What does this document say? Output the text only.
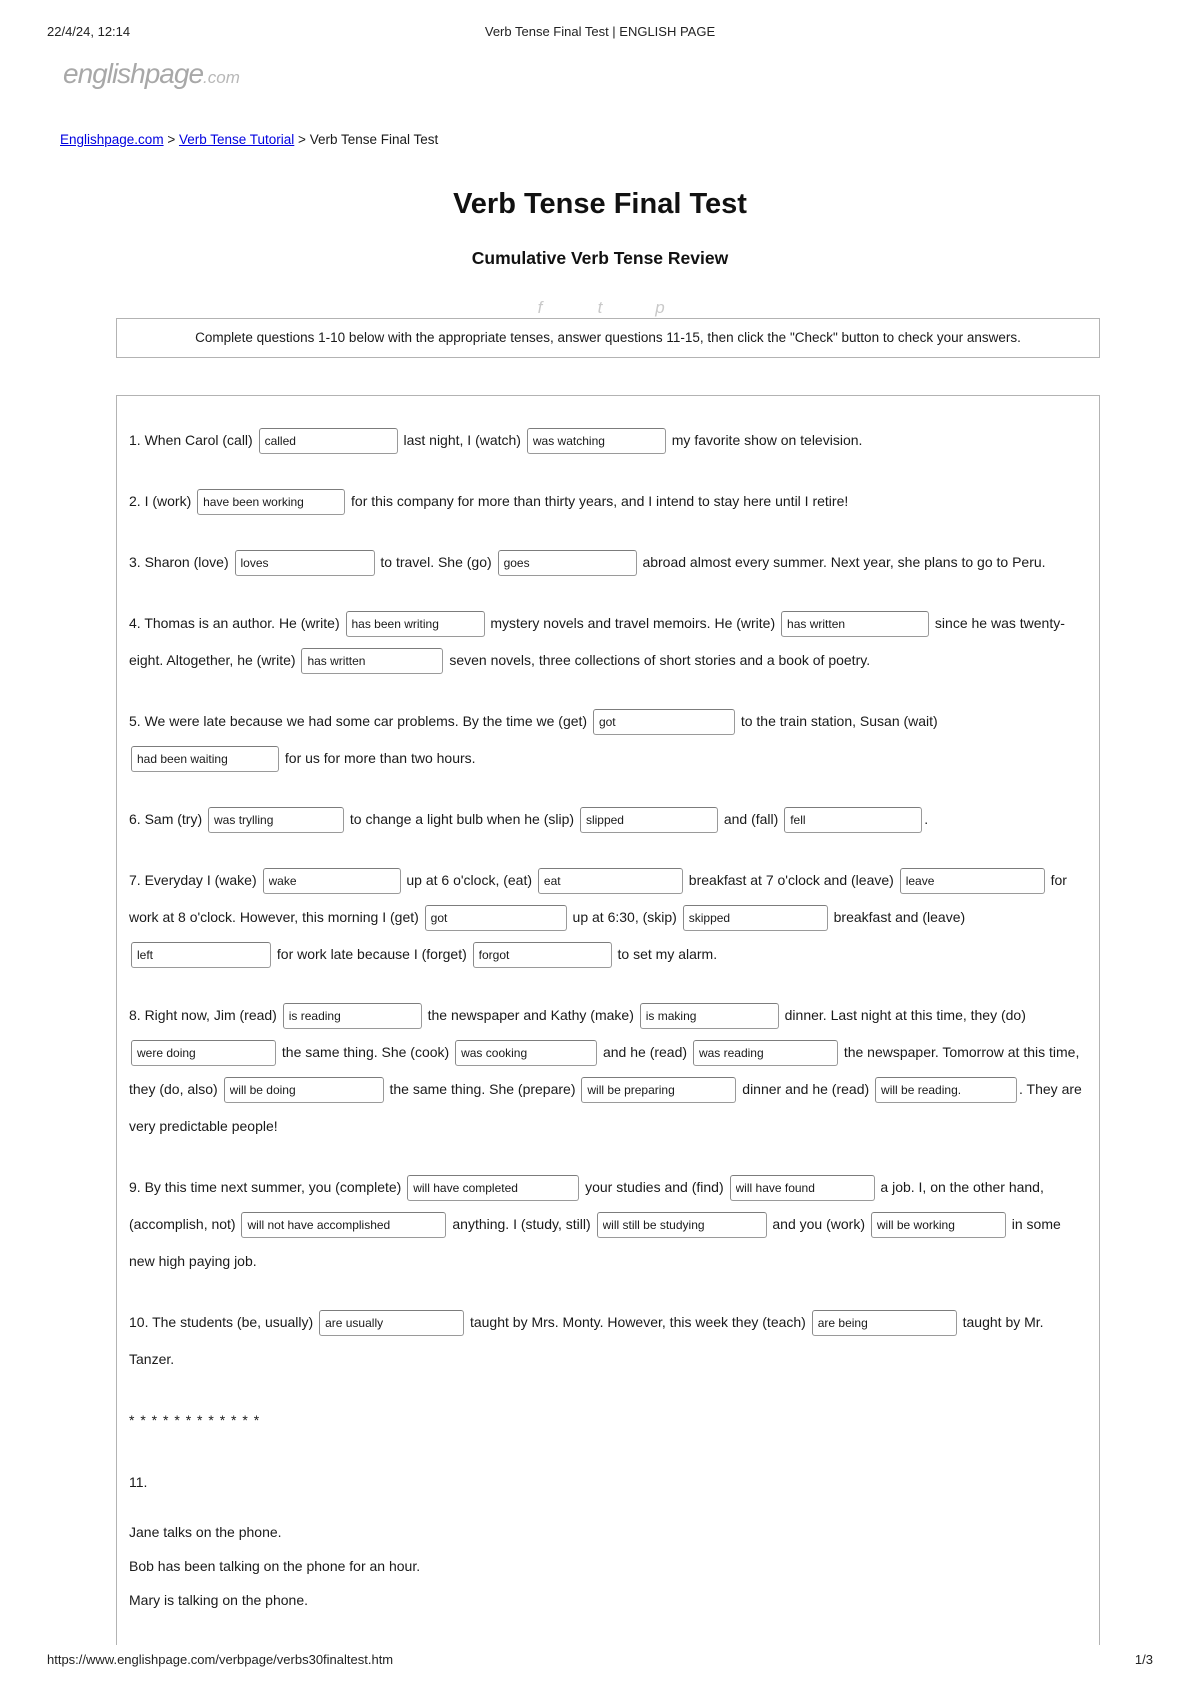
22/4/24, 12:14	Verb Tense Final Test | ENGLISH PAGE
englishpage.com
Englishpage.com > Verb Tense Tutorial > Verb Tense Final Test
Verb Tense Final Test
Cumulative Verb Tense Review
f	t	p

Complete questions 1-10 below with the appropriate tenses, answer questions 11-15, then click the "Check" button to check your answers.

1. When Carol (call) called	last night, I (watch) was watching	my favorite show on television.

2. I (work) have been working	for this company for more than thirty years, and I intend to stay here until I retire!

3. Sharon (love) loves	to travel. She (go) goes	abroad almost every summer. Next year, she plans to go to Peru.

4. Thomas is an author. He (write) has been writing	mystery novels and travel memoirs. He (write) has written	since he was twenty-eight. Altogether, he (write) has written	seven novels, three collections of short stories and a book of poetry.

5. We were late because we had some car problems. By the time we (get) got	to the train station, Susan (wait) had been waiting for us for more than two hours.

6. Sam (try) was trylling	to change a light bulb when he (slip) slipped	and (fall) fell	.

7. Everyday I (wake) wake	up at 6 o'clock, (eat) eat	breakfast at 7 o'clock and (leave) leave	for work at 8 o'clock. However, this morning I (get) got	up at 6:30, (skip) skipped	breakfast and (leave) left for work late because I (forget) forgot	to set my alarm.

8. Right now, Jim (read) is reading	the newspaper and Kathy (make) is making	dinner. Last night at this time, they (do) were doing the same thing. She (cook) was cooking	and he (read) was reading	the newspaper. Tomorrow at this time, they (do, also) will be doing	the same thing. She (prepare) will be preparing	dinner and he (read) will be reading.	. They are very predictable people!

9. By this time next summer, you (complete) will have completed	your studies and (find) will have found	a job. I, on the other hand, (accomplish, not) will not have accomplished	anything. I (study, still) will still be studying	and you (work) will be working	in some new high paying job.

10. The students (be, usually) are usually	taught by Mrs. Monty. However, this week they (teach) are being	taught by Mr. Tanzer.

* * * * * * * * * * * *

11.

Jane talks on the phone.

Bob has been talking on the phone for an hour.

Mary is talking on the phone.

https://www.englishpage.com/verbpage/verbs30finaltest.htm	1/3
